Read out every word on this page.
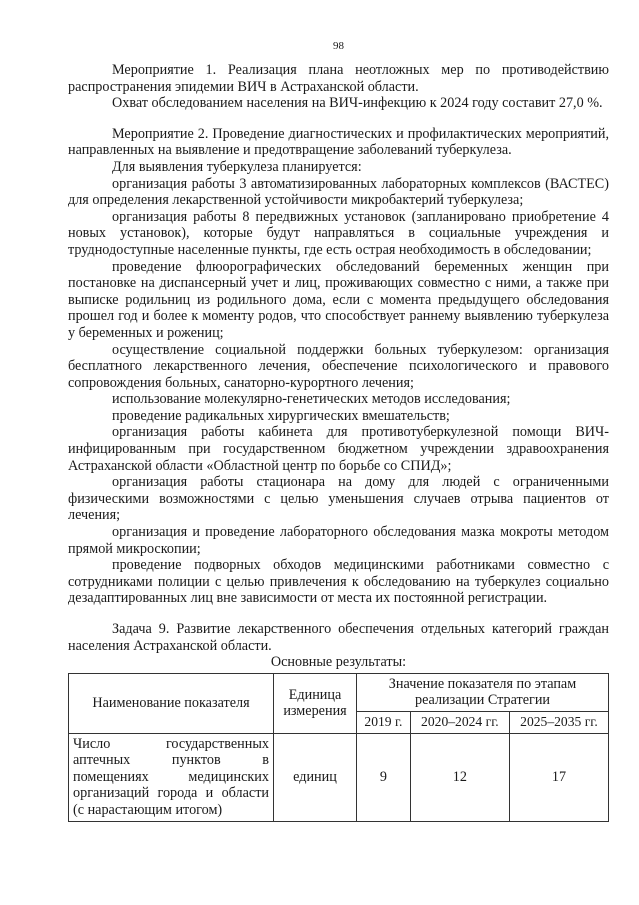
98

Мероприятие 1. Реализация плана неотложных мер по противодействию распространения эпидемии ВИЧ в Астраханской области.

Охват обследованием населения на ВИЧ-инфекцию к 2024 году составит 27,0 %.

Мероприятие 2. Проведение диагностических и профилактических мероприятий, направленных на выявление и предотвращение заболеваний туберкулеза.

Для выявления туберкулеза планируется:

организация работы 3 автоматизированных лабораторных комплексов (ВАСТЕС) для определения лекарственной устойчивости микробактерий туберкулеза;

организация работы 8 передвижных установок (запланировано приобретение 4 новых установок), которые будут направляться в социальные учреждения и труднодоступные населенные пункты, где есть острая необходимость в обследовании;

проведение флюорографических обследований беременных женщин при постановке на диспансерный учет и лиц, проживающих совместно с ними, а также при выписке родильниц из родильного дома, если с момента предыдущего обследования прошел год и более к моменту родов, что способствует раннему выявлению туберкулеза у беременных и рожениц;

осуществление социальной поддержки больных туберкулезом: организация бесплатного лекарственного лечения, обеспечение психологического и правового сопровождения больных, санаторно-курортного лечения;

использование молекулярно-генетических методов исследования;

проведение радикальных хирургических вмешательств;

организация работы кабинета для противотуберкулезной помощи ВИЧ-инфицированным при государственном бюджетном учреждении здравоохранения Астраханской области «Областной центр по борьбе со СПИД»;

организация работы стационара на дому для людей с ограниченными физическими возможностями с целью уменьшения случаев отрыва пациентов от лечения;

организация и проведение лабораторного обследования мазка мокроты методом прямой микроскопии;

проведение подворных обходов медицинскими работниками совместно с сотрудниками полиции с целью привлечения к обследованию на туберкулез социально дезадаптированных лиц вне зависимости от места их постоянной регистрации.

Задача 9. Развитие лекарственного обеспечения отдельных категорий граждан населения Астраханской области.

Основные результаты:

Наименование показателя	Единица измерения	Значение показателя по этапам реализации Стратегии		
		2019 г.	2020–2024 гг.	2025–2035 гг.
Число государственных аптечных пунктов в помещениях медицинских организаций города и области (с нарастающим итогом)	единиц	9	12	17
